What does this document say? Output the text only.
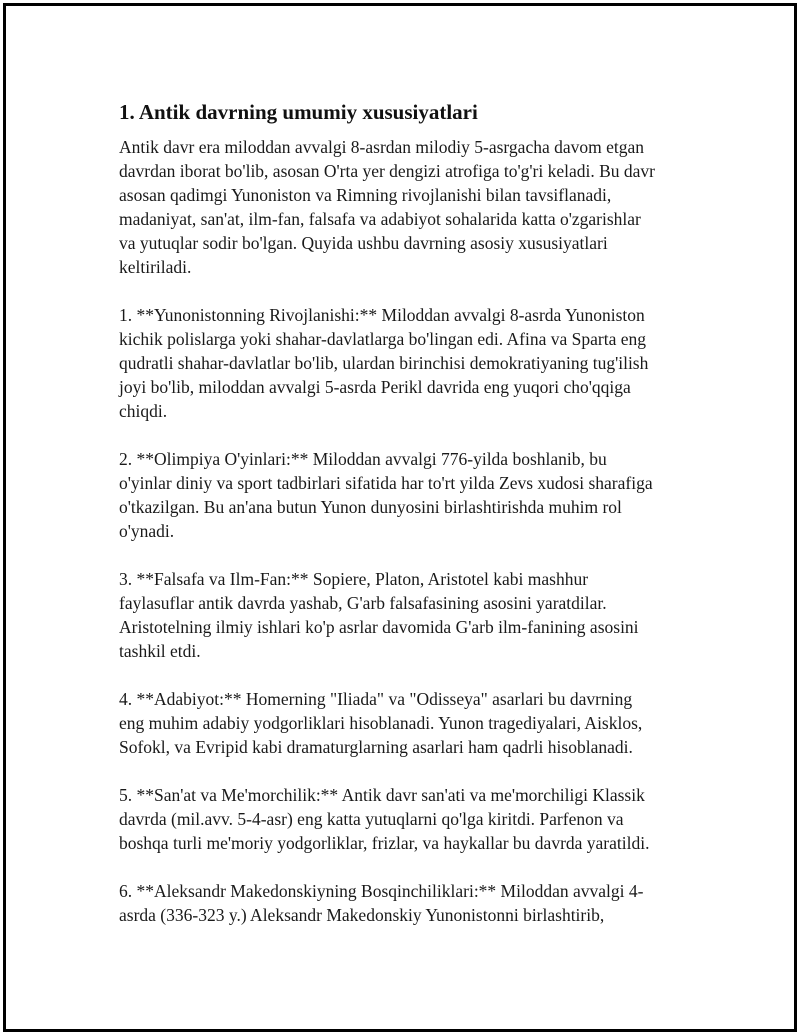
1. Antik davrning umumiy xususiyatlari
Antik davr era miloddan avvalgi 8-asrdan milodiy 5-asrgacha davom etgan
davrdan iborat bo'lib, asosan O'rta yer dengizi atrofiga to'g'ri keladi. Bu davr
asosan qadimgi Yunoniston va Rimning rivojlanishi bilan tavsiflanadi,
madaniyat, san'at, ilm-fan, falsafa va adabiyot sohalarida katta o'zgarishlar
va yutuqlar sodir bo'lgan. Quyida ushbu davrning asosiy xususiyatlari
keltiriladi.
1. **Yunonistonning Rivojlanishi:** Miloddan avvalgi 8-asrda Yunoniston
kichik polislarga yoki shahar-davlatlarga bo'lingan edi. Afina va Sparta eng
qudratli shahar-davlatlar bo'lib, ulardan birinchisi demokratiyaning tug'ilish
joyi bo'lib, miloddan avvalgi 5-asrda Perikl davrida eng yuqori cho'qqiga
chiqdi.
2. **Olimpiya O'yinlari:** Miloddan avvalgi 776-yilda boshlanib, bu
o'yinlar diniy va sport tadbirlari sifatida har to'rt yilda Zevs xudosi sharafiga
o'tkazilgan. Bu an'ana butun Yunon dunyosini birlashtirishda muhim rol
o'ynadi.
3. **Falsafa va Ilm-Fan:** Sopiere, Platon, Aristotel kabi mashhur
faylasuflar antik davrda yashab, G'arb falsafasining asosini yaratdilar.
Aristotelning ilmiy ishlari ko'p asrlar davomida G'arb ilm-fanining asosini
tashkil etdi.
4. **Adabiyot:** Homerning "Iliada" va "Odisseya" asarlari bu davrning
eng muhim adabiy yodgorliklari hisoblanadi. Yunon tragediyalari, Aisklos,
Sofokl, va Evripid kabi dramaturglarning asarlari ham qadrli hisoblanadi.
5. **San'at va Me'morchilik:** Antik davr san'ati va me'morchiligi Klassik
davrda (mil.avv. 5-4-asr) eng katta yutuqlarni qo'lga kiritdi. Parfenon va
boshqa turli me'moriy yodgorliklar, frizlar, va haykallar bu davrda yaratildi.
6. **Aleksandr Makedonskiyning Bosqinchiliklari:** Miloddan avvalgi 4-
asrda (336-323 y.) Aleksandr Makedonskiy Yunonistonni birlashtirib,
